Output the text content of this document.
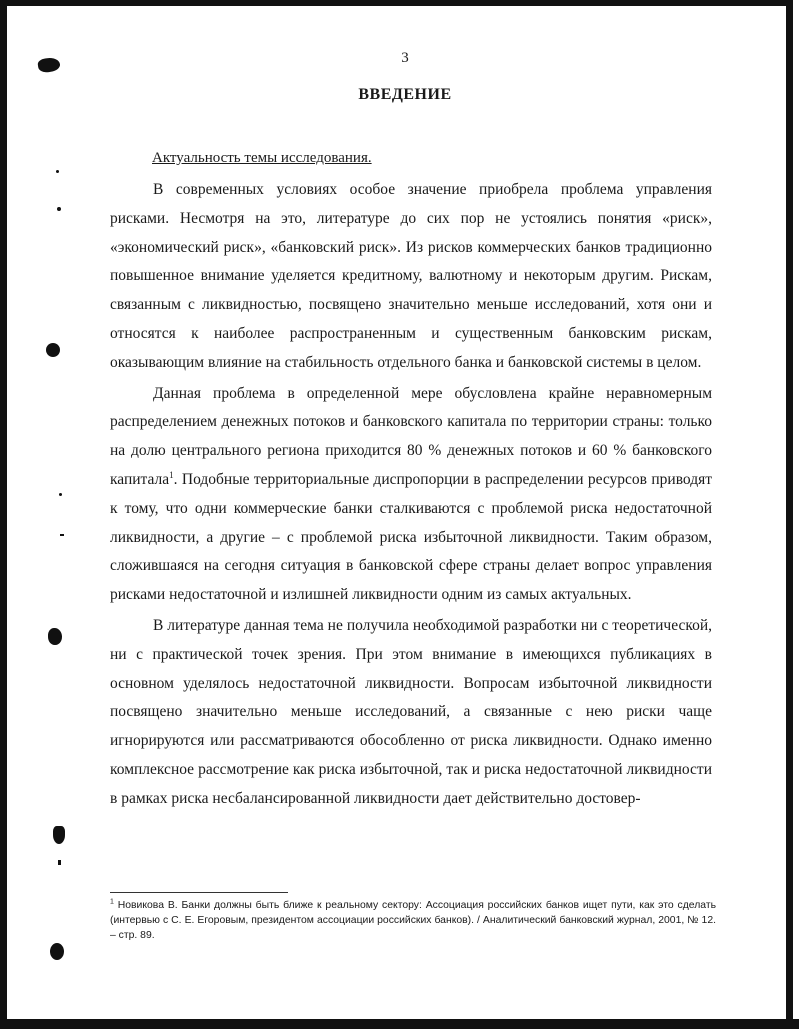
3
ВВЕДЕНИЕ
Актуальность темы исследования.

В современных условиях особое значение приобрела проблема управления рисками. Несмотря на это, литературе до сих пор не устоялись понятия «риск», «экономический риск», «банковский риск». Из рисков коммерческих банков традиционно повышенное внимание уделяется кредитному, валютному и некоторым другим. Рискам, связанным с ликвидностью, посвящено значительно меньше исследований, хотя они и относятся к наиболее распространенным и существенным банковским рискам, оказывающим влияние на стабильность отдельного банка и банковской системы в целом.

Данная проблема в определенной мере обусловлена крайне неравномерным распределением денежных потоков и банковского капитала по территории страны: только на долю центрального региона приходится 80 % денежных потоков и 60 % банковского капитала$^1$. Подобные территориальные диспропорции в распределении ресурсов приводят к тому, что одни коммерческие банки сталкиваются с проблемой риска недостаточной ликвидности, а другие – с проблемой риска избыточной ликвидности. Таким образом, сложившаяся на сегодня ситуация в банковской сфере страны делает вопрос управления рисками недостаточной и излишней ликвидности одним из самых актуальных.

В литературе данная тема не получила необходимой разработки ни с теоретической, ни с практической точек зрения. При этом внимание в имеющихся публикациях в основном уделялось недостаточной ликвидности. Вопросам избыточной ликвидности посвящено значительно меньше исследований, а связанные с нею риски чаще игнорируются или рассматриваются обособленно от риска ликвидности. Однако именно комплексное рассмотрение как риска избыточной, так и риска недостаточной ликвидности в рамках риска несбалансированной ликвидности дает действительно достовер-

$^1$ Новикова В. Банки должны быть ближе к реальному сектору: Ассоциация российских банков ищет пути, как это сделать (интервью с С. Е. Егоровым, президентом ассоциации российских банков). / Аналитический банковский журнал, 2001, № 12. – стр. 89.
